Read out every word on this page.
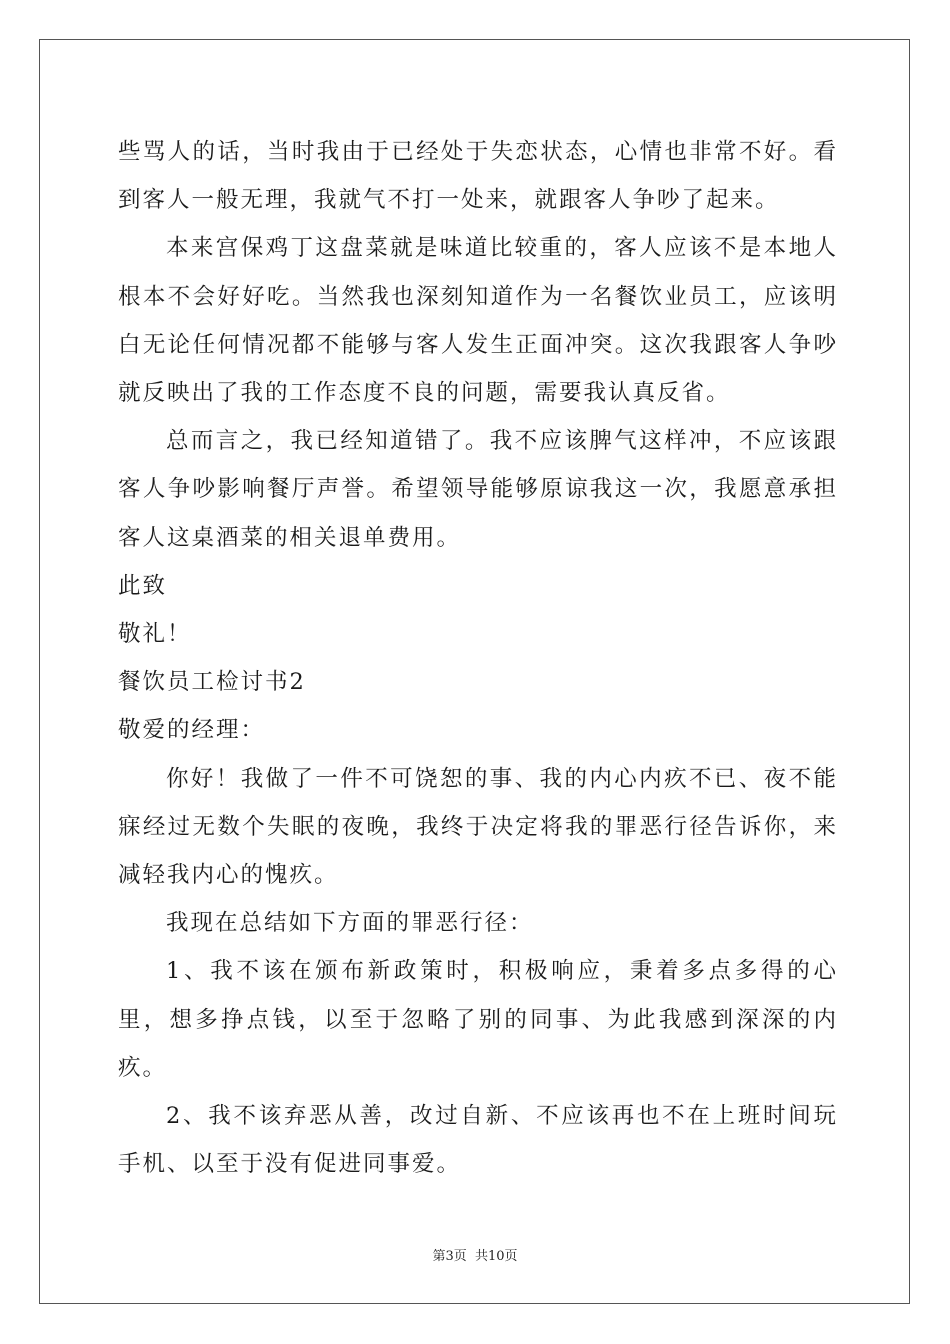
些骂人的话，当时我由于已经处于失恋状态，心情也非常不好。看到客人一般无理，我就气不打一处来，就跟客人争吵了起来。

本来宫保鸡丁这盘菜就是味道比较重的，客人应该不是本地人根本不会好好吃。当然我也深刻知道作为一名餐饮业员工，应该明白无论任何情况都不能够与客人发生正面冲突。这次我跟客人争吵就反映出了我的工作态度不良的问题，需要我认真反省。

总而言之，我已经知道错了。我不应该脾气这样冲，不应该跟客人争吵影响餐厅声誉。希望领导能够原谅我这一次，我愿意承担客人这桌酒菜的相关退单费用。

此致

敬礼！

餐饮员工检讨书2

敬爱的经理：

你好！我做了一件不可饶恕的事、我的内心内疚不已、夜不能寐经过无数个失眠的夜晚，我终于决定将我的罪恶行径告诉你，来减轻我内心的愧疚。

我现在总结如下方面的罪恶行径：

1、我不该在颁布新政策时，积极响应，秉着多点多得的心里，想多挣点钱，以至于忽略了别的同事、为此我感到深深的内疚。

2、我不该弃恶从善，改过自新、不应该再也不在上班时间玩手机、以至于没有促进同事爱。

第3页 共10页
